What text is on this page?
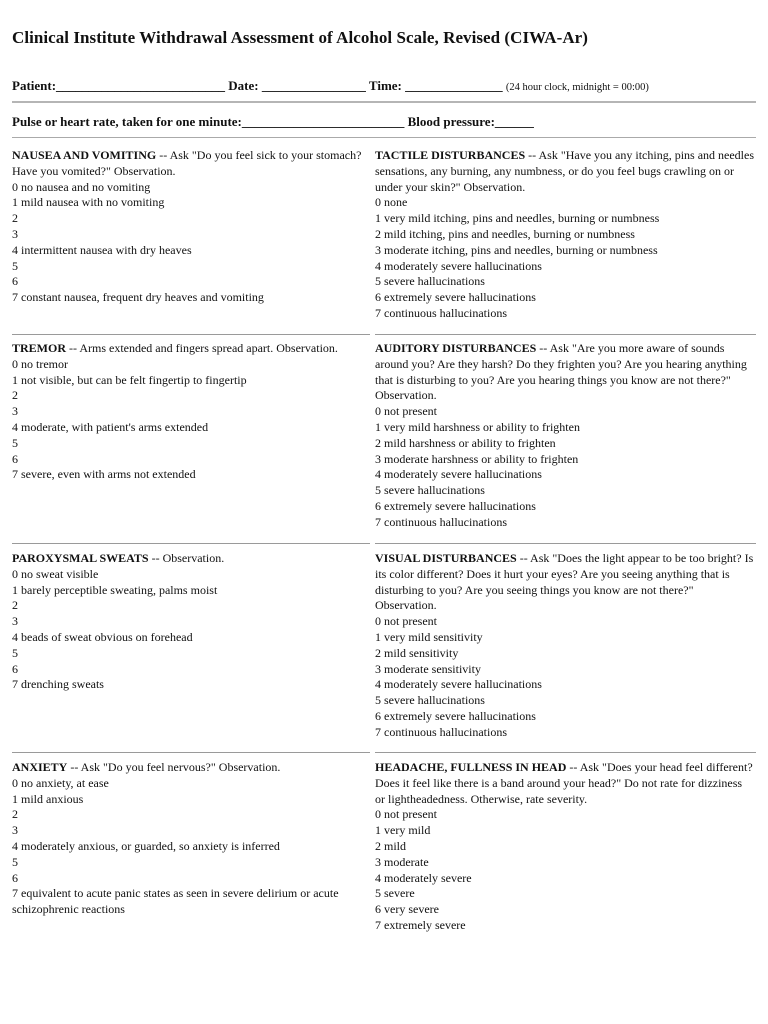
Clinical Institute Withdrawal Assessment of Alcohol Scale, Revised (CIWA-Ar)
Patient:__________________________ Date: ________________ Time: _______________ (24 hour clock, midnight = 00:00)
Pulse or heart rate, taken for one minute:_________________________ Blood pressure:______

NAUSEA AND VOMITING -- Ask "Do you feel sick to your stomach? Have you vomited?" Observation.

0 no nausea and no vomiting

1 mild nausea with no vomiting

2

3

4 intermittent nausea with dry heaves

5

6

7 constant nausea, frequent dry heaves and vomiting

TACTILE DISTURBANCES -- Ask "Have you any itching, pins and needles sensations, any burning, any numbness, or do you feel bugs crawling on or under your skin?" Observation.

0 none

1 very mild itching, pins and needles, burning or numbness

2 mild itching, pins and needles, burning or numbness

3 moderate itching, pins and needles, burning or numbness

4 moderately severe hallucinations

5 severe hallucinations

6 extremely severe hallucinations

7 continuous hallucinations

TREMOR -- Arms extended and fingers spread apart. Observation.

0 no tremor

1 not visible, but can be felt fingertip to fingertip

2

3

4 moderate, with patient's arms extended

5

6

7 severe, even with arms not extended

AUDITORY DISTURBANCES -- Ask "Are you more aware of sounds around you? Are they harsh? Do they frighten you? Are you hearing anything that is disturbing to you? Are you hearing things you know are not there?" Observation.

0 not present

1 very mild harshness or ability to frighten

2 mild harshness or ability to frighten

3 moderate harshness or ability to frighten

4 moderately severe hallucinations

5 severe hallucinations

6 extremely severe hallucinations

7 continuous hallucinations

PAROXYSMAL SWEATS -- Observation.

0 no sweat visible

1 barely perceptible sweating, palms moist

2

3

4 beads of sweat obvious on forehead

5

6

7 drenching sweats

VISUAL DISTURBANCES -- Ask "Does the light appear to be too bright? Is its color different? Does it hurt your eyes? Are you seeing anything that is disturbing to you? Are you seeing things you know are not there?" Observation.

0 not present

1 very mild sensitivity

2 mild sensitivity

3 moderate sensitivity

4 moderately severe hallucinations

5 severe hallucinations

6 extremely severe hallucinations

7 continuous hallucinations

ANXIETY -- Ask "Do you feel nervous?" Observation.

0 no anxiety, at ease

1 mild anxious

2

3

4 moderately anxious, or guarded, so anxiety is inferred

5

6

7 equivalent to acute panic states as seen in severe delirium or acute schizophrenic reactions

HEADACHE, FULLNESS IN HEAD -- Ask "Does your head feel different? Does it feel like there is a band around your head?" Do not rate for dizziness or lightheadedness. Otherwise, rate severity.

0 not present

1 very mild

2 mild

3 moderate

4 moderately severe

5 severe

6 very severe

7 extremely severe
